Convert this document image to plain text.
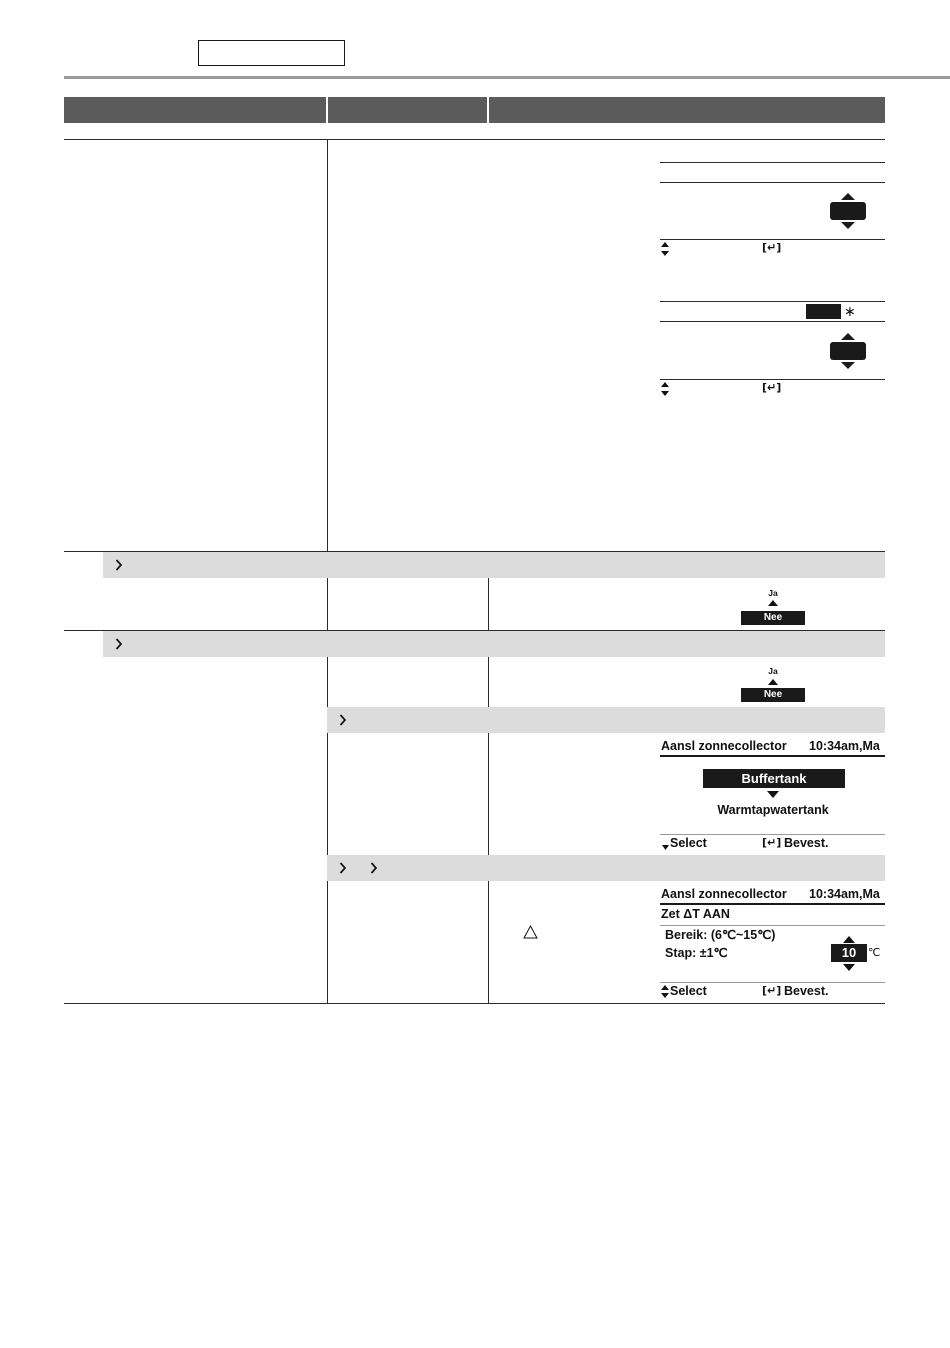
[↵]
∗
[↵]
Ja
Nee
Ja
Nee
Aansl zonnecollector 10:34am,Ma
Buffertank
Warmtapwatertank
Select	[↵] Bevest.
Aansl zonnecollector 10:34am,Ma
Zet ΔT AAN
Bereik: (6℃~15℃)
Stap: ±1℃	10	℃
Select	[↵] Bevest.
